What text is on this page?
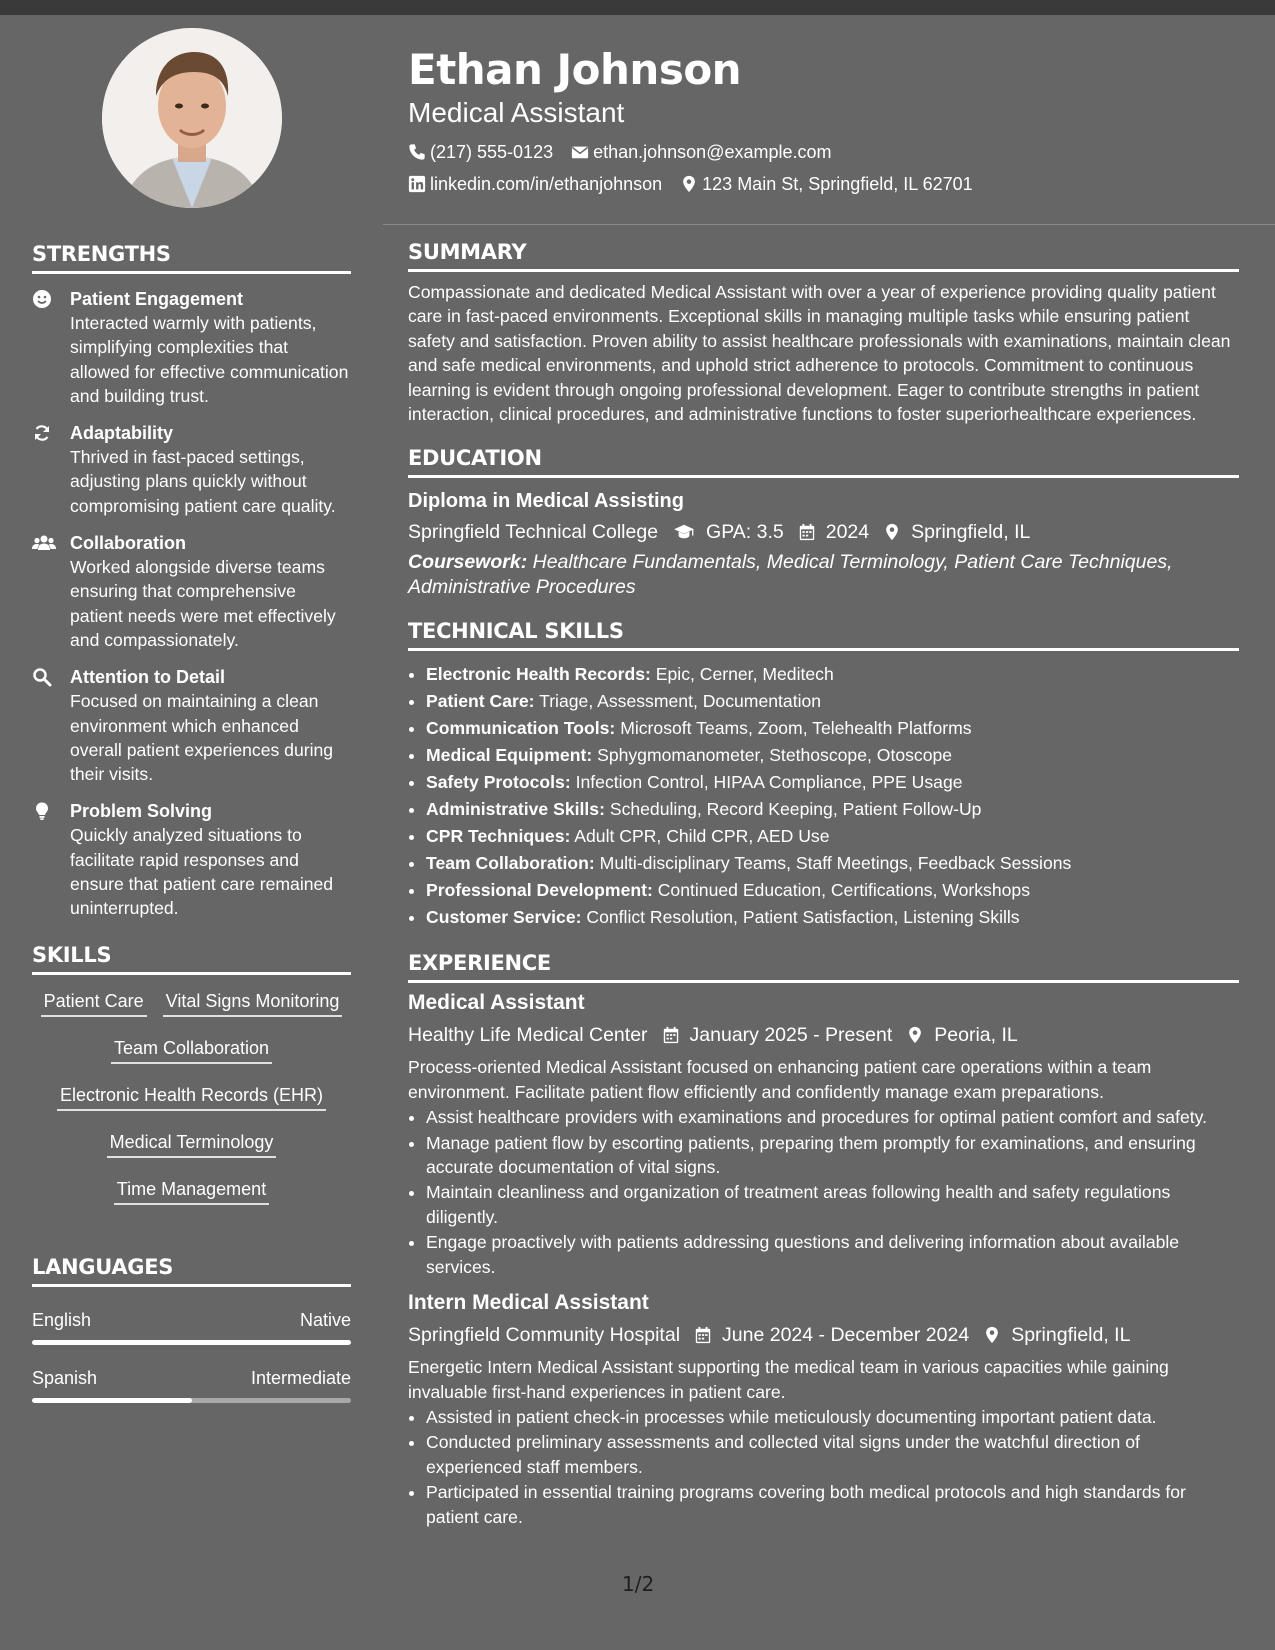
STRENGTHS
Patient Engagement
Interacted warmly with patients, simplifying complexities that allowed for effective communication and building trust.
Adaptability
Thrived in fast-paced settings, adjusting plans quickly without compromising patient care quality.
Collaboration
Worked alongside diverse teams ensuring that comprehensive patient needs were met effectively and compassionately.
Attention to Detail
Focused on maintaining a clean environment which enhanced overall patient experiences during their visits.
Problem Solving
Quickly analyzed situations to facilitate rapid responses and ensure that patient care remained uninterrupted.
SKILLS
Patient Care Vital Signs Monitoring
Team Collaboration
Electronic Health Records (EHR)
Medical Terminology
Time Management
LANGUAGES
English	Native
Spanish	Intermediate
Ethan Johnson
Medical Assistant
(217) 555-0123 ethan.johnson@example.com
linkedin.com/in/ethanjohnson 123 Main St, Springfield, IL 62701
SUMMARY
Compassionate and dedicated Medical Assistant with over a year of experience providing quality patient care in fast-paced environments. Exceptional skills in managing multiple tasks while ensuring patient safety and satisfaction. Proven ability to assist healthcare professionals with examinations, maintain clean and safe medical environments, and uphold strict adherence to protocols. Commitment to continuous learning is evident through ongoing professional development. Eager to contribute strengths in patient interaction, clinical procedures, and administrative functions to foster superiorhealthcare experiences.
EDUCATION
Diploma in Medical Assisting
Springfield Technical College GPA: 3.5 2024 Springfield, IL
Coursework: Healthcare Fundamentals, Medical Terminology, Patient Care Techniques, Administrative Procedures
TECHNICAL SKILLS
• Electronic Health Records: Epic, Cerner, Meditech
• Patient Care: Triage, Assessment, Documentation
• Communication Tools: Microsoft Teams, Zoom, Telehealth Platforms
• Medical Equipment: Sphygmomanometer, Stethoscope, Otoscope
• Safety Protocols: Infection Control, HIPAA Compliance, PPE Usage
• Administrative Skills: Scheduling, Record Keeping, Patient Follow-Up
• CPR Techniques: Adult CPR, Child CPR, AED Use
• Team Collaboration: Multi-disciplinary Teams, Staff Meetings, Feedback Sessions
• Professional Development: Continued Education, Certifications, Workshops
• Customer Service: Conflict Resolution, Patient Satisfaction, Listening Skills
EXPERIENCE
Medical Assistant
Healthy Life Medical Center January 2025 - Present Peoria, IL
Process-oriented Medical Assistant focused on enhancing patient care operations within a team environment. Facilitate patient flow efficiently and confidently manage exam preparations.
• Assist healthcare providers with examinations and procedures for optimal patient comfort and safety.
• Manage patient flow by escorting patients, preparing them promptly for examinations, and ensuring accurate documentation of vital signs.
• Maintain cleanliness and organization of treatment areas following health and safety regulations diligently.
• Engage proactively with patients addressing questions and delivering information about available services.
Intern Medical Assistant
Springfield Community Hospital June 2024 - December 2024 Springfield, IL
Energetic Intern Medical Assistant supporting the medical team in various capacities while gaining invaluable first-hand experiences in patient care.
• Assisted in patient check-in processes while meticulously documenting important patient data.
• Conducted preliminary assessments and collected vital signs under the watchful direction of experienced staff members.
• Participated in essential training programs covering both medical protocols and high standards for patient care.
1/2
